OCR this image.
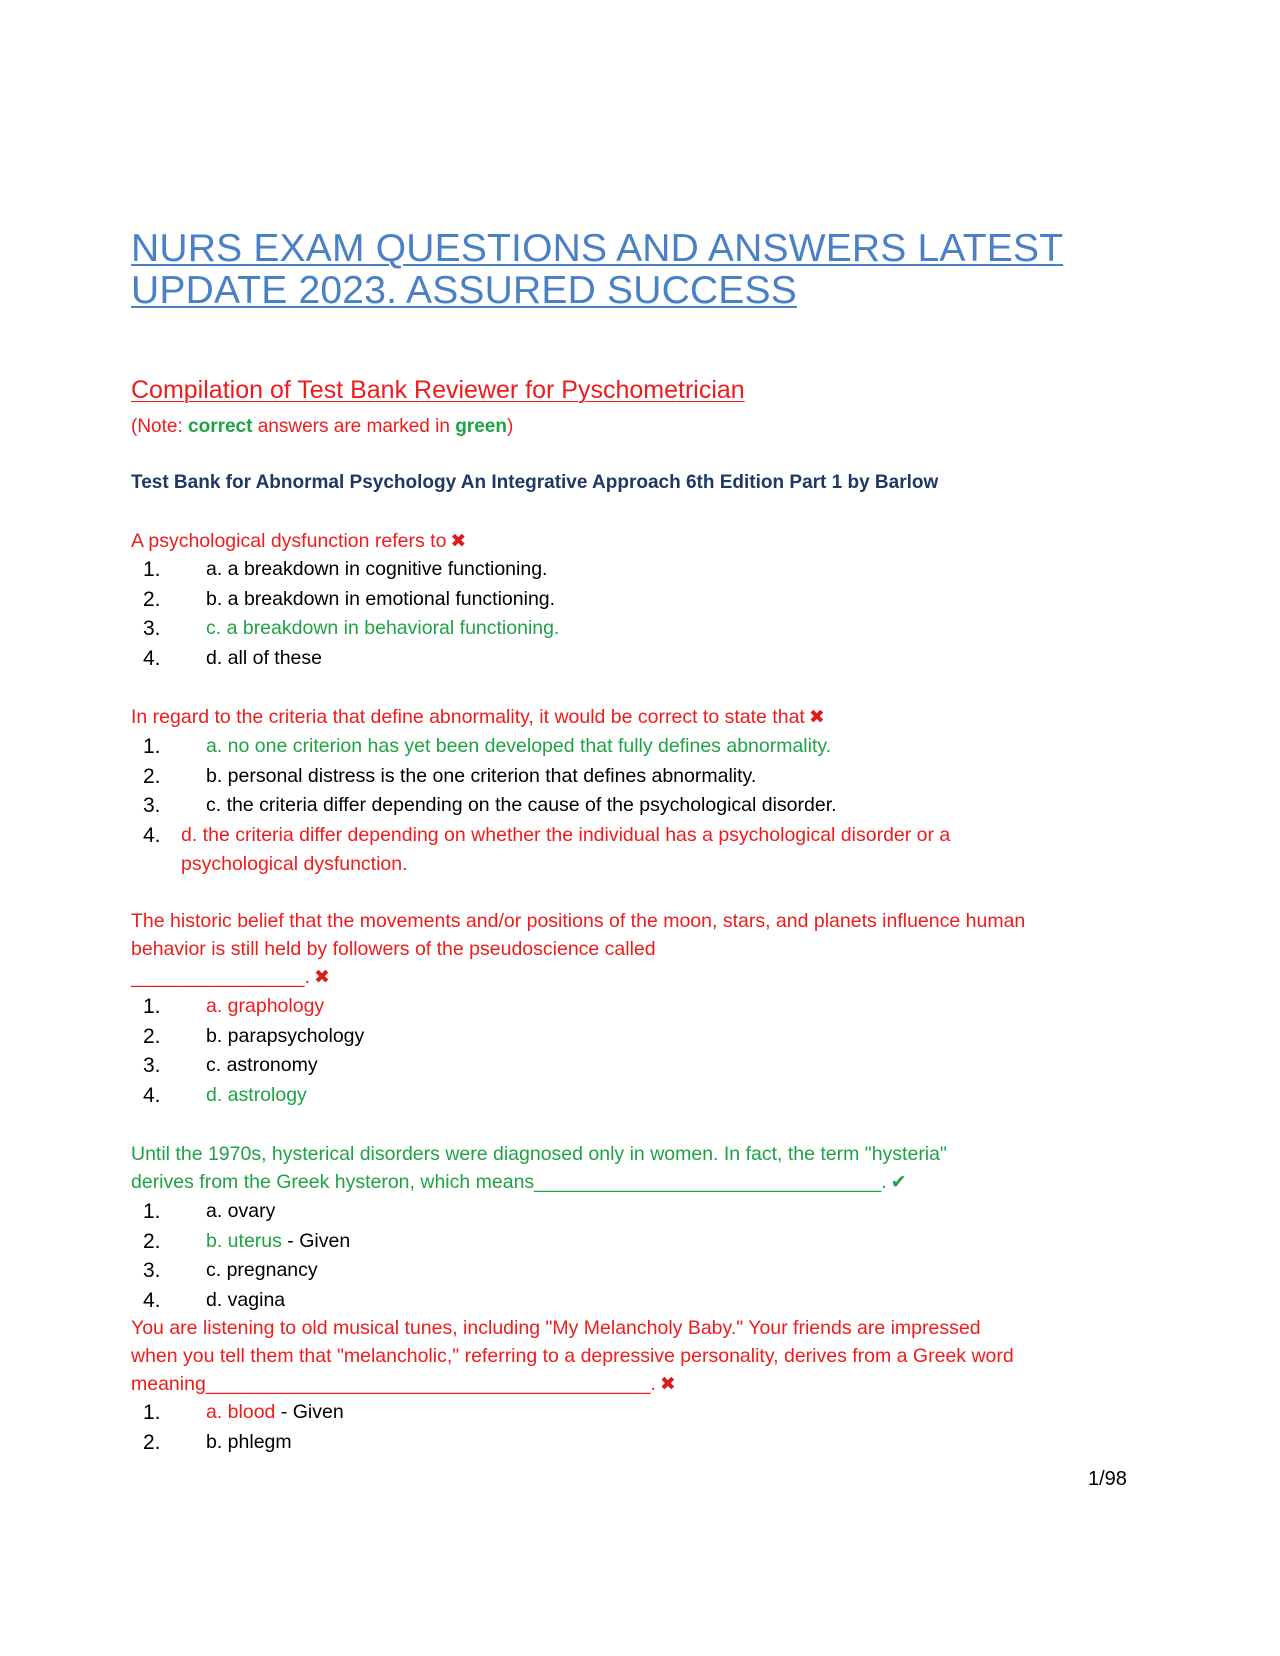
NURS EXAM QUESTIONS AND ANSWERS LATEST UPDATE 2023. ASSURED SUCCESS
Compilation of Test Bank Reviewer for Pyschometrician
(Note: correct answers are marked in green)
Test Bank for Abnormal Psychology An Integrative Approach 6th Edition Part 1 by Barlow
A psychological dysfunction refers to ✖
1.	a. a breakdown in cognitive functioning.
2.	b. a breakdown in emotional functioning.
3.	c. a breakdown in behavioral functioning.
4.	d. all of these
In regard to the criteria that define abnormality, it would be correct to state that ✖
1.	a. no one criterion has yet been developed that fully defines abnormality.
2.	b. personal distress is the one criterion that defines abnormality.
3.	c. the criteria differ depending on the cause of the psychological disorder.
4.	d. the criteria differ depending on whether the individual has a psychological disorder or a psychological dysfunction.
The historic belief that the movements and/or positions of the moon, stars, and planets influence human
behavior is still held by followers of the pseudoscience called
________________. ✖
1.	a. graphology
2.	b. parapsychology
3.	c. astronomy
4.	d. astrology
Until the 1970s, hysterical disorders were diagnosed only in women. In fact, the term "hysteria"
derives from the Greek hysteron, which means________________________________. ✔
1.	a. ovary
2.	b. uterus - Given
3.	c. pregnancy
4.	d. vagina
You are listening to old musical tunes, including "My Melancholy Baby." Your friends are impressed
when you tell them that "melancholic," referring to a depressive personality, derives from a Greek word
meaning_________________________________________. ✖
1.	a. blood - Given
2.	b. phlegm
1/98
